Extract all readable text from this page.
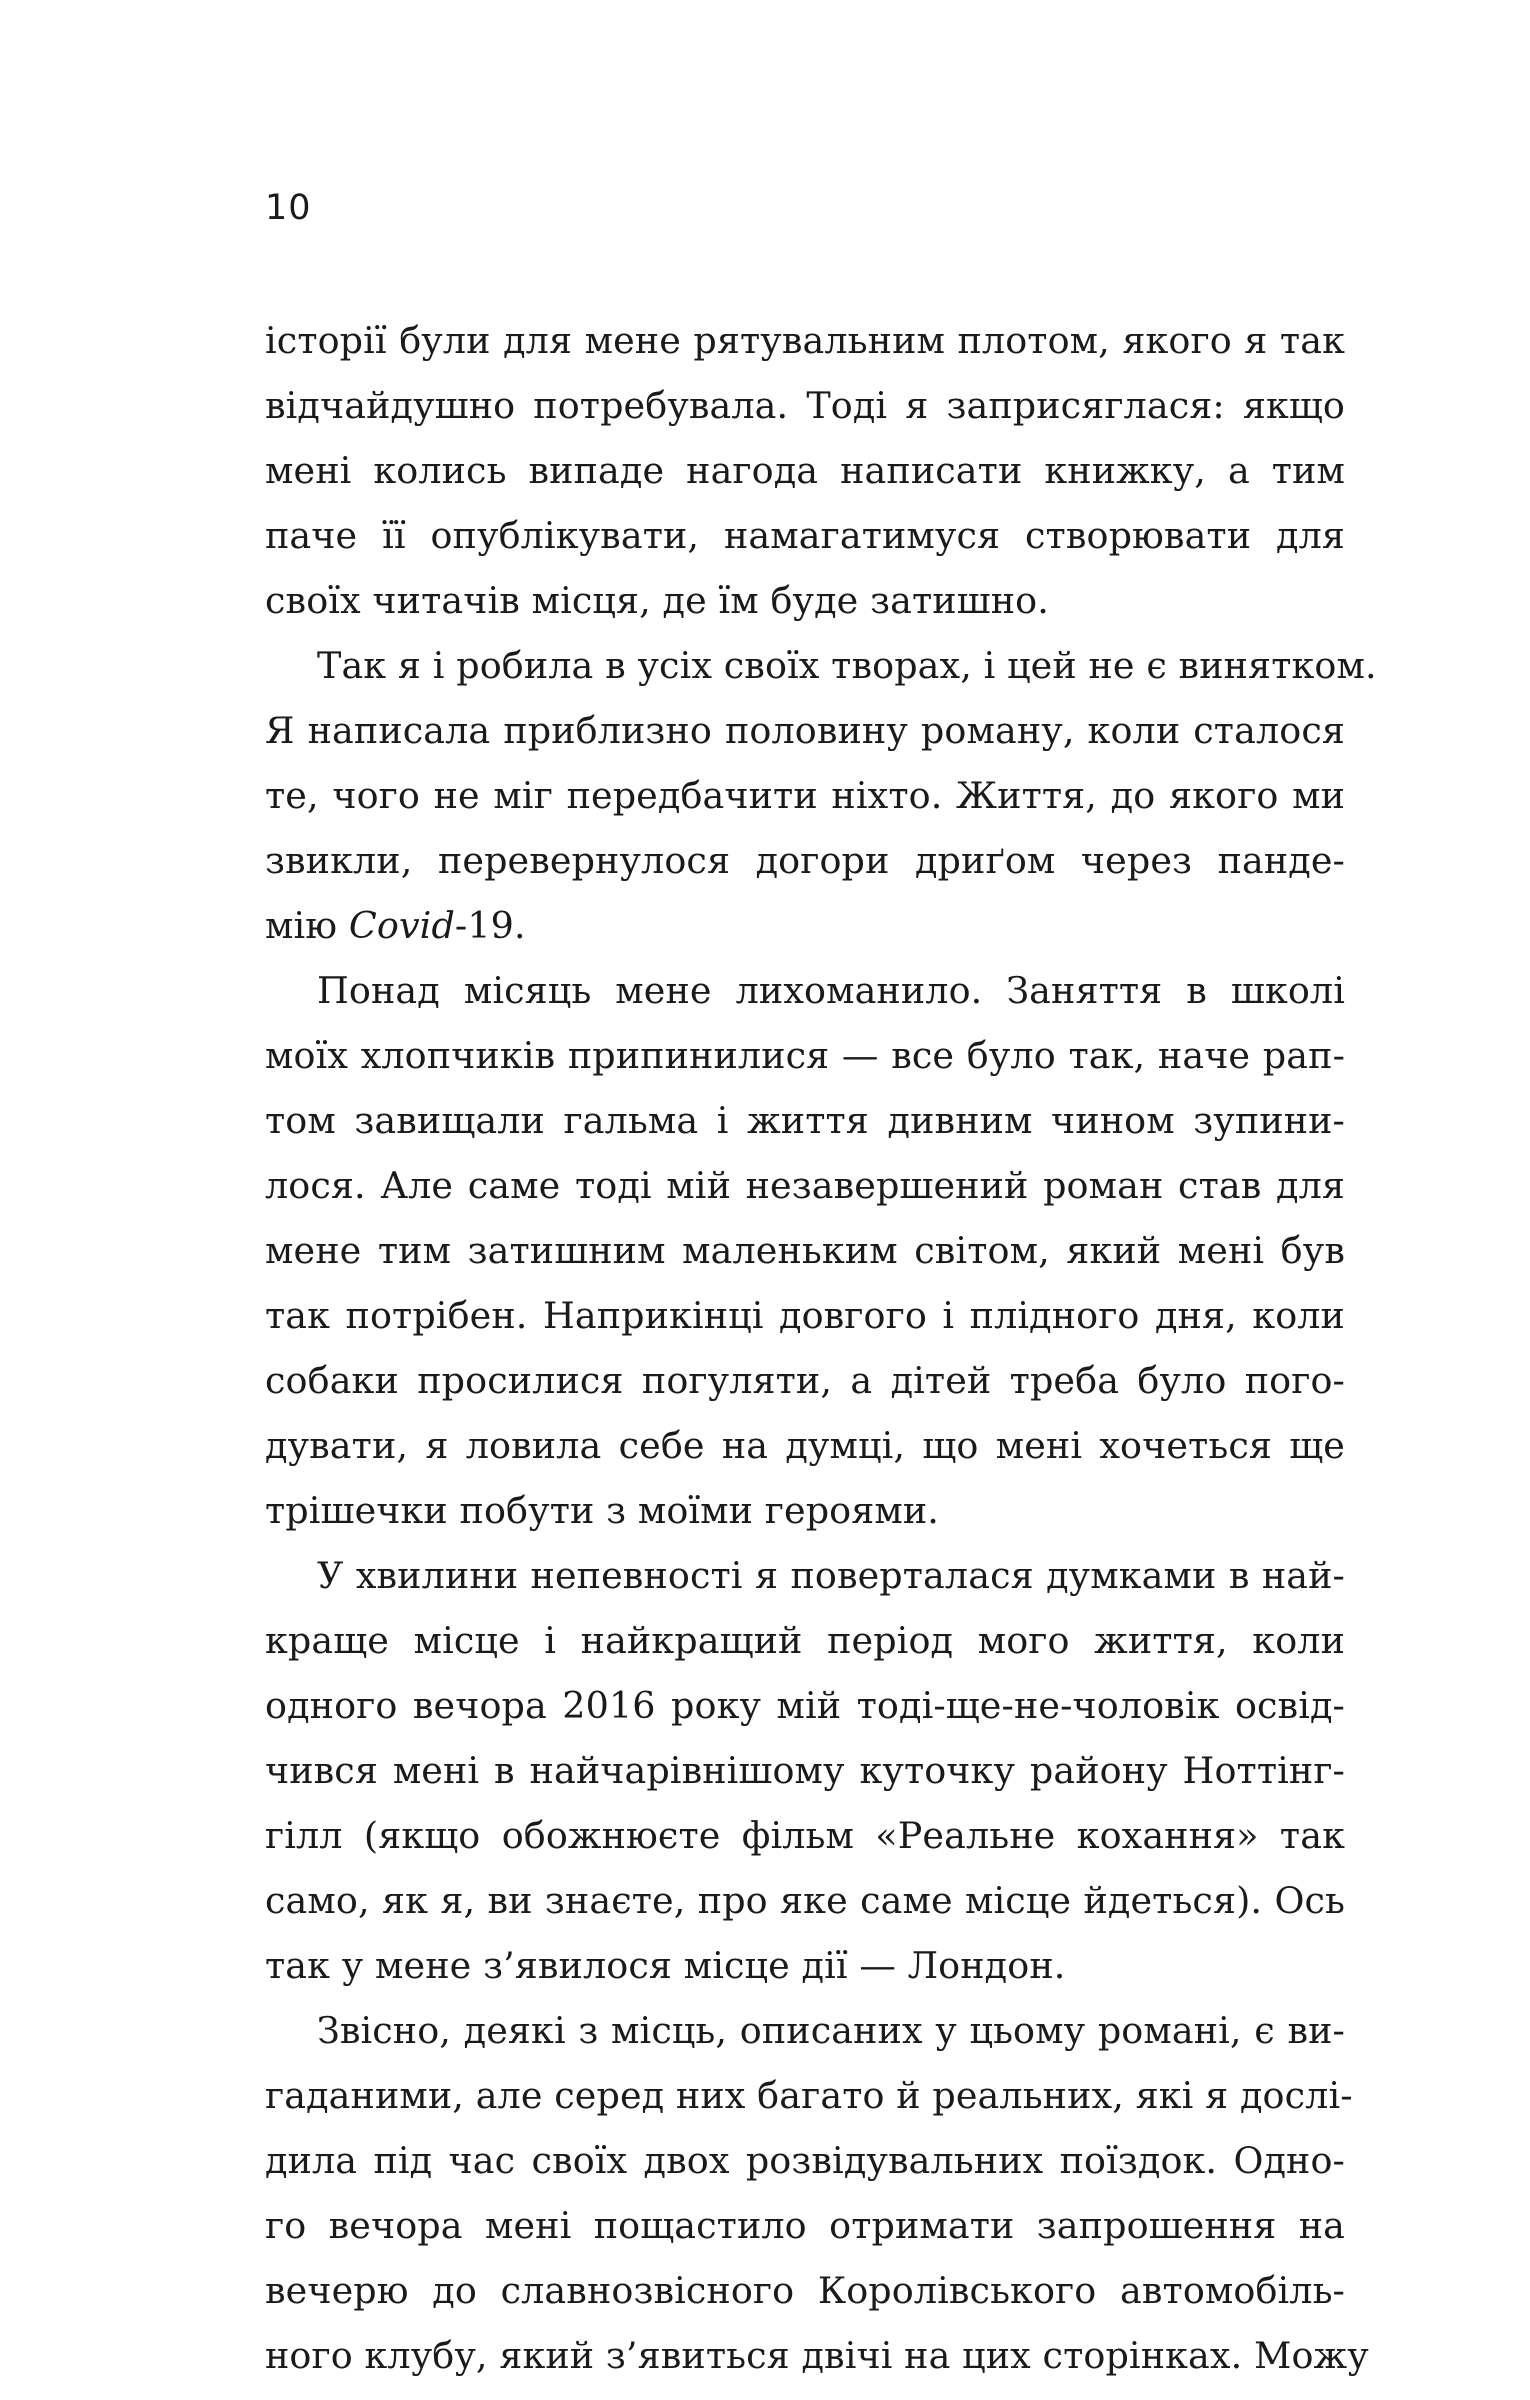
10
історії були для мене рятувальним плотом, якого я так
відчайдушно потребувала. Тоді я заприсяглася: якщо
мені колись випаде нагода написати книжку, а тим
паче її опублікувати, намагатимуся створювати для
своїх читачів місця, де їм буде затишно.
Так я і робила в усіх своїх творах, і цей не є винятком.
Я написала приблизно половину роману, коли сталося
те, чого не міг передбачити ніхто. Життя, до якого ми
звикли, перевернулося догори дриґом через панде-
мію Covid-19.
Понад місяць мене лихоманило. Заняття в школі
моїх хлопчиків припинилися — все було так, наче рап-
том завищали гальма і життя дивним чином зупини-
лося. Але саме тоді мій незавершений роман став для
мене тим затишним маленьким світом, який мені був
так потрібен. Наприкінці довгого і плідного дня, коли
собаки просилися погуляти, а дітей треба було пого-
дувати, я ловила себе на думці, що мені хочеться ще
трішечки побути з моїми героями.
У хвилини непевності я поверталася думками в най-
краще місце і найкращий період мого життя, коли
одного вечора 2016 року мій тоді-ще-не-чоловік освід-
чився мені в найчарівнішому куточку району Ноттінг-
гілл (якщо обожнюєте фільм «Реальне кохання» так
само, як я, ви знаєте, про яке саме місце йдеться). Ось
так у мене з’явилося місце дії — Лондон.
Звісно, деякі з місць, описаних у цьому романі, є ви-
гаданими, але серед них багато й реальних, які я дослі-
дила під час своїх двох розвідувальних поїздок. Одно-
го вечора мені пощастило отримати запрошення на
вечерю до славнозвісного Королівського автомобіль-
ного клубу, який з’явиться двічі на цих сторінках. Можу
